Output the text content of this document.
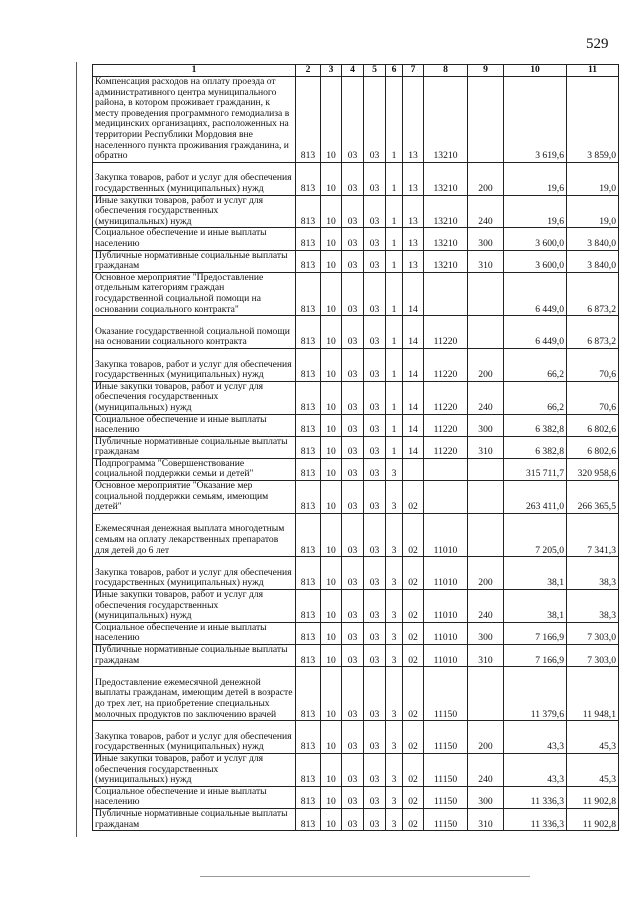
529
1	2	3	4	5	6	7	8	9	10	11
Компенсация расходов на оплату проезда от административного центра муниципального района, в котором проживает гражданин, к месту проведения программного гемодиализа в медицинских организациях, расположенных на территории Республики Мордовия вне населенного пункта проживания гражданина, и обратно	813	10	03	03	1	13	13210		3 619,6	3 859,0
Закупка товаров, работ и услуг для обеспечения государственных (муниципальных) нужд	813	10	03	03	1	13	13210	200	19,6	19,0
Иные закупки товаров, работ и услуг для обеспечения государственных (муниципальных) нужд	813	10	03	03	1	13	13210	240	19,6	19,0
Социальное обеспечение и иные выплаты населению	813	10	03	03	1	13	13210	300	3 600,0	3 840,0
Публичные нормативные социальные выплаты гражданам	813	10	03	03	1	13	13210	310	3 600,0	3 840,0
Основное мероприятие "Предоставление отдельным категориям граждан государственной социальной помощи на основании социального контракта"	813	10	03	03	1	14			6 449,0	6 873,2
Оказание государственной социальной помощи на основании социального контракта	813	10	03	03	1	14	11220		6 449,0	6 873,2
Закупка товаров, работ и услуг для обеспечения государственных (муниципальных) нужд	813	10	03	03	1	14	11220	200	66,2	70,6
Иные закупки товаров, работ и услуг для обеспечения государственных (муниципальных) нужд	813	10	03	03	1	14	11220	240	66,2	70,6
Социальное обеспечение и иные выплаты населению	813	10	03	03	1	14	11220	300	6 382,8	6 802,6
Публичные нормативные социальные выплаты гражданам	813	10	03	03	1	14	11220	310	6 382,8	6 802,6
Подпрограмма "Совершенствование социальной поддержки семьи и детей"	813	10	03	03	3				315 711,7	320 958,6
Основное мероприятие "Оказание мер социальной поддержки семьям, имеющим детей"	813	10	03	03	3	02			263 411,0	266 365,5
Ежемесячная денежная выплата многодетным семьям на оплату лекарственных препаратов для детей до 6 лет	813	10	03	03	3	02	11010		7 205,0	7 341,3
Закупка товаров, работ и услуг для обеспечения государственных (муниципальных) нужд	813	10	03	03	3	02	11010	200	38,1	38,3
Иные закупки товаров, работ и услуг для обеспечения государственных (муниципальных) нужд	813	10	03	03	3	02	11010	240	38,1	38,3
Социальное обеспечение и иные выплаты населению	813	10	03	03	3	02	11010	300	7 166,9	7 303,0
Публичные нормативные социальные выплаты гражданам	813	10	03	03	3	02	11010	310	7 166,9	7 303,0
Предоставление ежемесячной денежной выплаты гражданам, имеющим детей в возрасте до трех лет, на приобретение специальных молочных продуктов по заключению врачей	813	10	03	03	3	02	11150		11 379,6	11 948,1
Закупка товаров, работ и услуг для обеспечения государственных (муниципальных) нужд	813	10	03	03	3	02	11150	200	43,3	45,3
Иные закупки товаров, работ и услуг для обеспечения государственных (муниципальных) нужд	813	10	03	03	3	02	11150	240	43,3	45,3
Социальное обеспечение и иные выплаты населению	813	10	03	03	3	02	11150	300	11 336,3	11 902,8
Публичные нормативные социальные выплаты гражданам	813	10	03	03	3	02	11150	310	11 336,3	11 902,8
